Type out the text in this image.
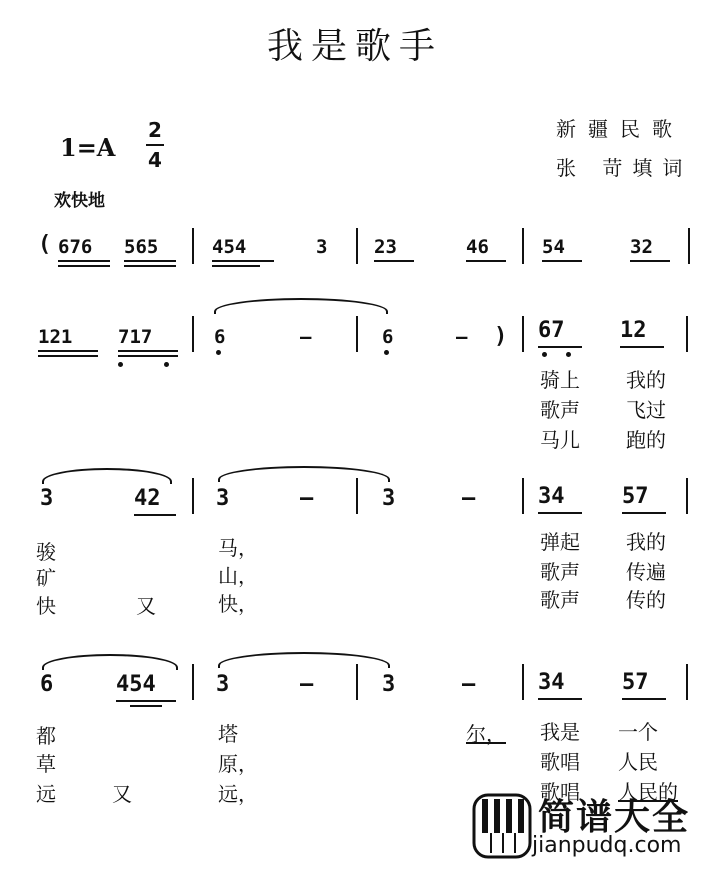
我是歌手
新疆民歌
张 苛填词
1=A
2
4
欢快地
( 676 565	454	3 23	46	54	32
121 717	6	—	6	— ) 67	12
骑上 我的
歌声 飞过
马儿 跑的
3	42	3	—	3	—	34	57
骏	马，	弹起 我的
矿	山，	歌声 传遍
快	又	快，	歌声 传的
6	454	3	—	3	—	34	57
都	塔	尔， 我是 一个
草	原，	歌唱 人民
远	又	远，	歌唱 人民的
简谱大全
jianpudq.com
